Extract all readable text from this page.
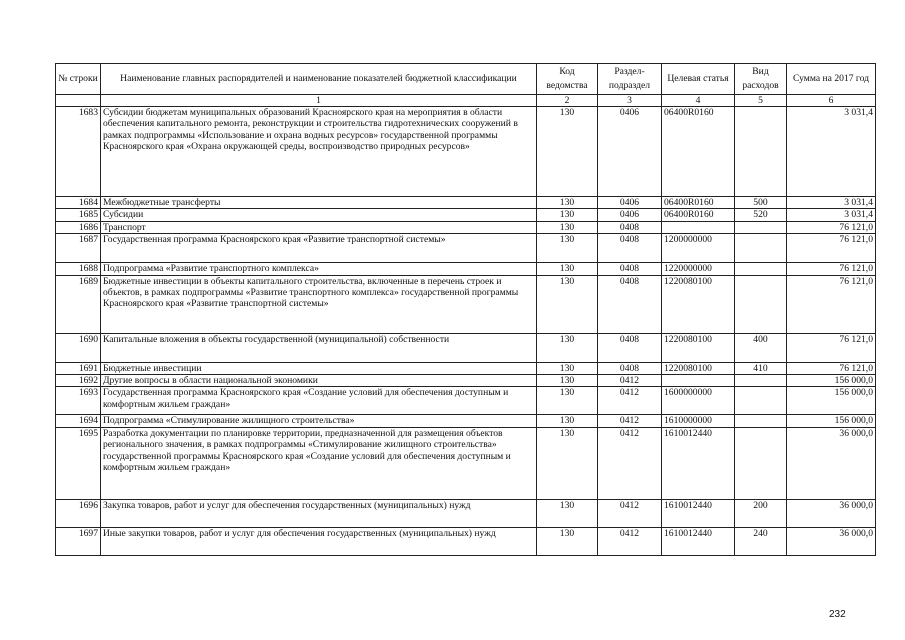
№ строки	Наименование главных распорядителей и наименование показателей бюджетной классификации	Код ведомства	Раздел-подраздел	Целевая статья	Вид расходов	Сумма на 2017 год
	1	2	3	4	5	6
1683	Субсидии бюджетам муниципальных образований Красноярского края на мероприятия в области обеспечения капитального ремонта, реконструкции и строительства гидротехнических сооружений в рамках подпрограммы «Использование и охрана водных ресурсов» государственной программы Красноярского края «Охрана окружающей среды, воспроизводство природных ресурсов»	130	0406	06400R0160		3 031,4
1684	Межбюджетные трансферты	130	0406	06400R0160	500	3 031,4
1685	Субсидии	130	0406	06400R0160	520	3 031,4
1686	Транспорт	130	0408			76 121,0
1687	Государственная программа Красноярского края «Развитие транспортной системы»	130	0408	1200000000		76 121,0
1688	Подпрограмма «Развитие транспортного комплекса»	130	0408	1220000000		76 121,0
1689	Бюджетные инвестиции в объекты капитального строительства, включенные в перечень строек и объектов, в рамках подпрограммы «Развитие транспортного комплекса» государственной программы Красноярского края «Развитие транспортной системы»	130	0408	1220080100		76 121,0
1690	Капитальные вложения в объекты государственной (муниципальной) собственности	130	0408	1220080100	400	76 121,0
1691	Бюджетные инвестиции	130	0408	1220080100	410	76 121,0
1692	Другие вопросы в области национальной экономики	130	0412			156 000,0
1693	Государственная программа Красноярского края «Создание условий для обеспечения доступным и комфортным жильем граждан»	130	0412	1600000000		156 000,0
1694	Подпрограмма «Стимулирование жилищного строительства»	130	0412	1610000000		156 000,0
1695	Разработка документации по планировке территории, предназначенной для размещения объектов регионального значения, в рамках подпрограммы «Стимулирование жилищного строительства» государственной программы Красноярского края «Создание условий для обеспечения доступным и комфортным жильем граждан»	130	0412	1610012440		36 000,0
1696	Закупка товаров, работ и услуг для обеспечения государственных (муниципальных) нужд	130	0412	1610012440	200	36 000,0
1697	Иные закупки товаров, работ и услуг для обеспечения государственных (муниципальных) нужд	130	0412	1610012440	240	36 000,0
232
